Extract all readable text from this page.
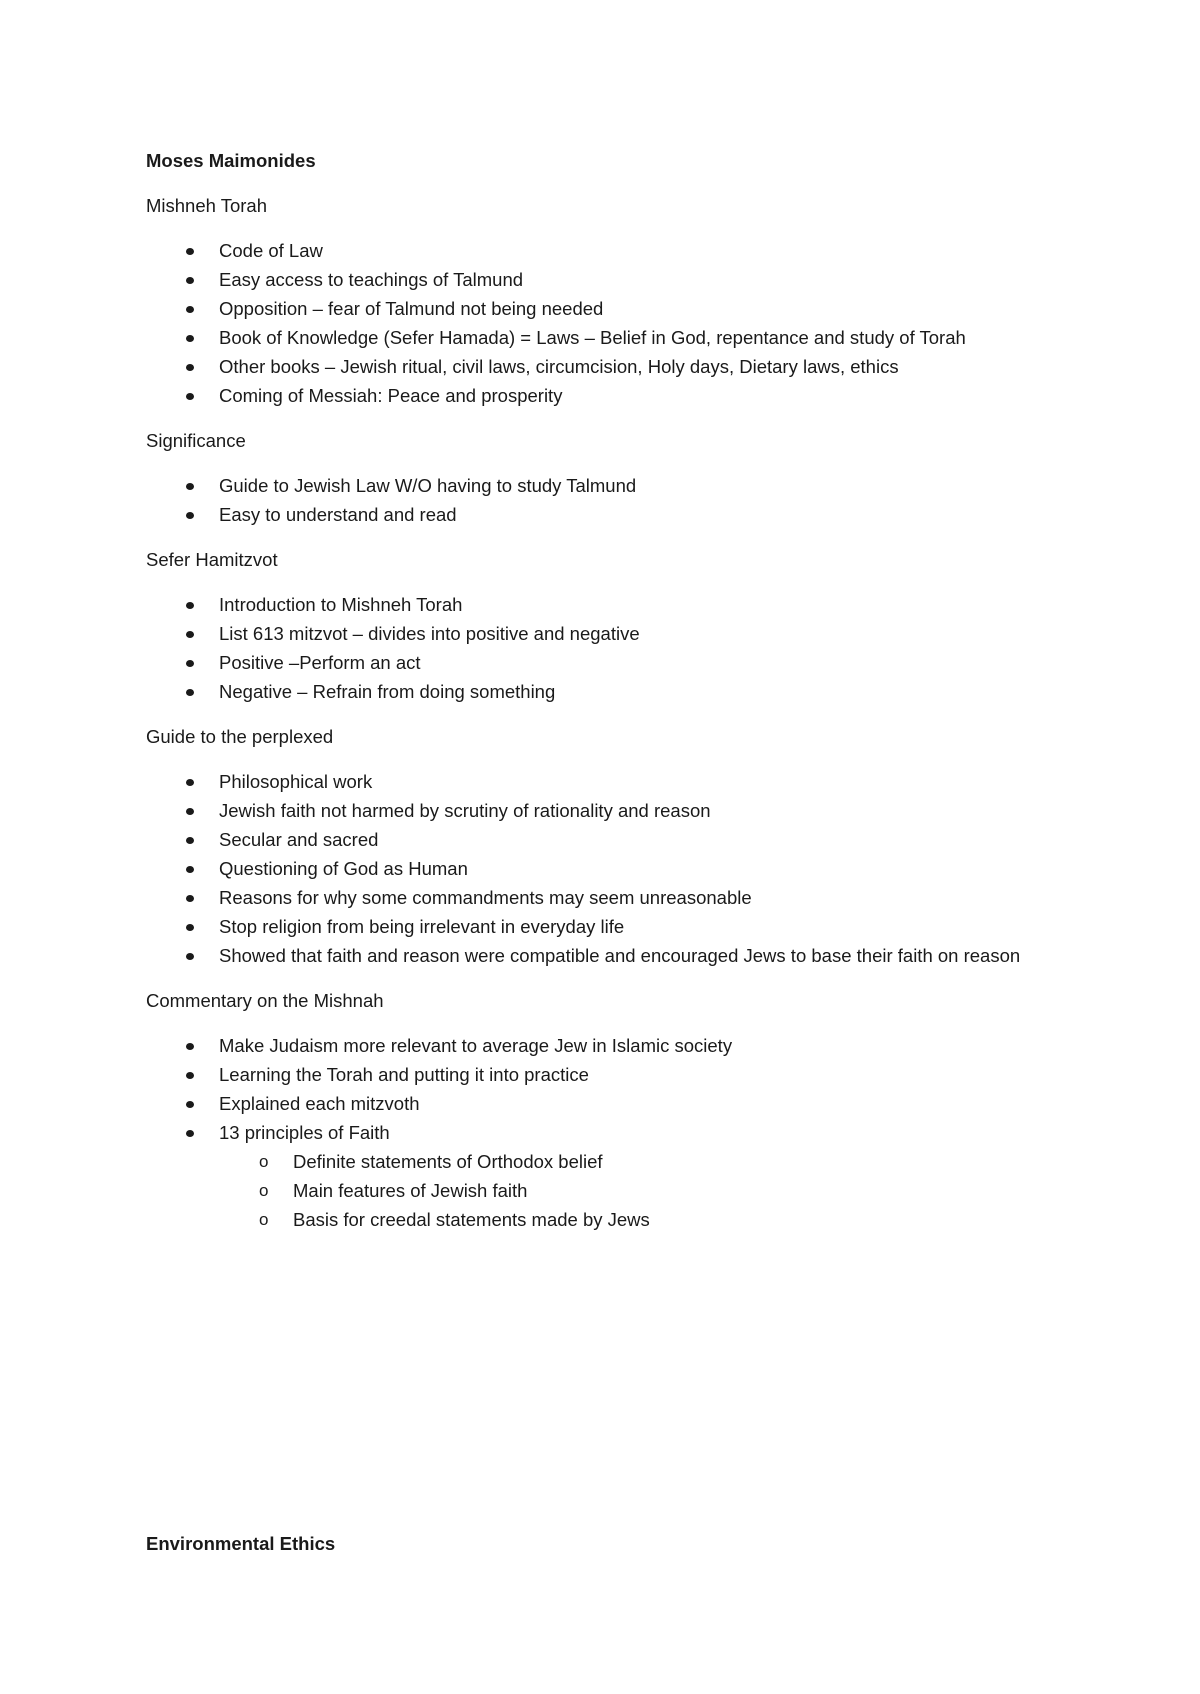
Moses Maimonides
Mishneh Torah
Code of Law
Easy access to teachings of Talmund
Opposition – fear of Talmund not being needed
Book of Knowledge (Sefer Hamada) = Laws – Belief in God, repentance and study of Torah
Other books – Jewish ritual, civil laws, circumcision, Holy days, Dietary laws, ethics
Coming of Messiah: Peace and prosperity
Significance
Guide to Jewish Law W/O having to study Talmund
Easy to understand and read
Sefer Hamitzvot
Introduction to Mishneh Torah
List 613 mitzvot – divides into positive and negative
Positive –Perform an act
Negative – Refrain from doing something
Guide to the perplexed
Philosophical work
Jewish faith not harmed by scrutiny of rationality and reason
Secular and sacred
Questioning of God as Human
Reasons for why some commandments may seem unreasonable
Stop religion from being irrelevant in everyday life
Showed that faith and reason were compatible and encouraged Jews to base their faith on reason
Commentary on the Mishnah
Make Judaism more relevant to average Jew in Islamic society
Learning the Torah and putting it into practice
Explained each mitzvoth
13 principles of Faith
o Definite statements of Orthodox belief
o Main features of Jewish faith
o Basis for creedal statements made by Jews
Environmental Ethics
